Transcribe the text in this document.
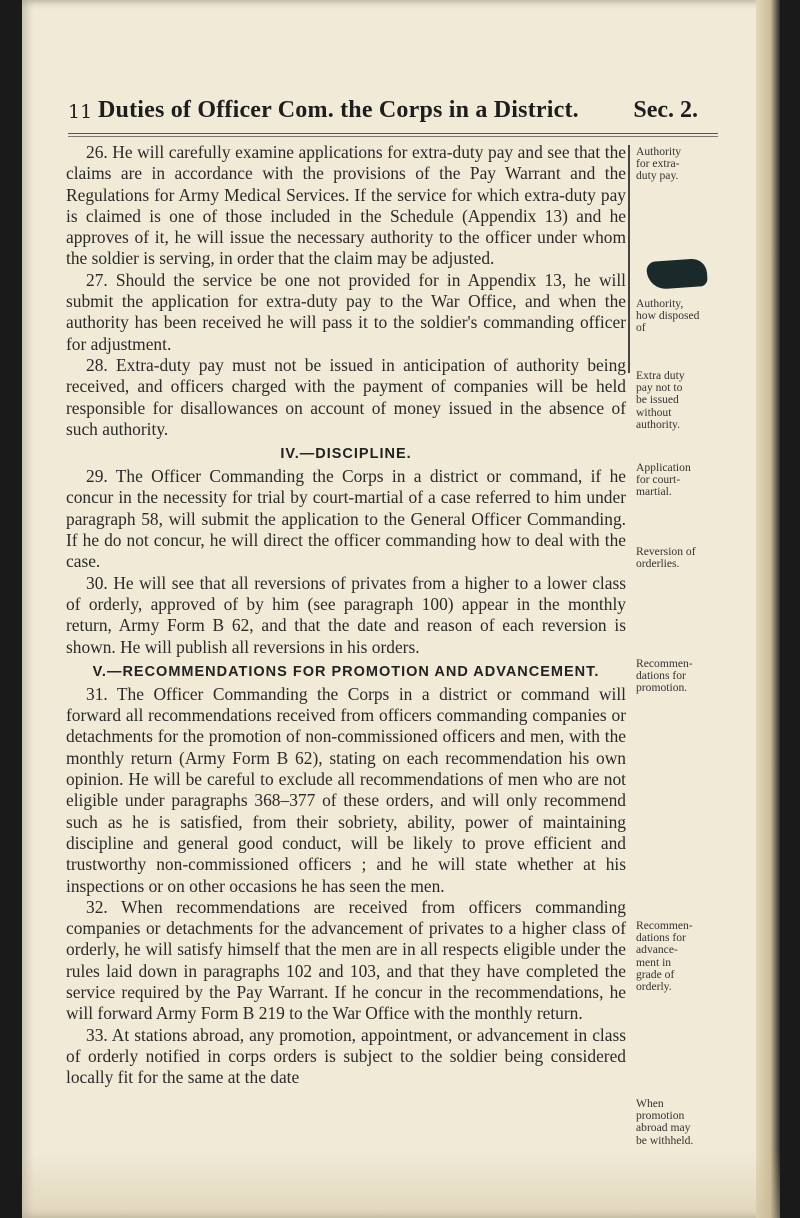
11 Duties of Officer Com. the Corps in a District. Sec. 2.

26. He will carefully examine applications for extra-duty pay and see that the claims are in accordance with the provisions of the Pay Warrant and the Regulations for Army Medical Services. If the service for which extra-duty pay is claimed is one of those included in the Schedule (Appendix 13) and he approves of it, he will issue the necessary authority to the officer under whom the soldier is serving, in order that the claim may be adjusted.

27. Should the service be one not provided for in Appendix 13, he will submit the application for extra-duty pay to the War Office, and when the authority has been received he will pass it to the soldier's commanding officer for adjustment.

28. Extra-duty pay must not be issued in anticipation of authority being received, and officers charged with the payment of companies will be held responsible for disallowances on account of money issued in the absence of such authority.

IV.—DISCIPLINE.

29. The Officer Commanding the Corps in a district or command, if he concur in the necessity for trial by court-martial of a case referred to him under paragraph 58, will submit the application to the General Officer Commanding. If he do not concur, he will direct the officer commanding how to deal with the case.

30. He will see that all reversions of privates from a higher to a lower class of orderly, approved of by him (see paragraph 100) appear in the monthly return, Army Form B 62, and that the date and reason of each reversion is shown. He will publish all reversions in his orders.

V.—RECOMMENDATIONS FOR PROMOTION AND ADVANCEMENT.

31. The Officer Commanding the Corps in a district or command will forward all recommendations received from officers commanding companies or detachments for the promotion of non-commissioned officers and men, with the monthly return (Army Form B 62), stating on each recommendation his own opinion. He will be careful to exclude all recommendations of men who are not eligible under paragraphs 368–377 of these orders, and will only recommend such as he is satisfied, from their sobriety, ability, power of maintaining discipline and general good conduct, will be likely to prove efficient and trustworthy non-commissioned officers ; and he will state whether at his inspections or on other occasions he has seen the men.

32. When recommendations are received from officers commanding companies or detachments for the advancement of privates to a higher class of orderly, he will satisfy himself that the men are in all respects eligible under the rules laid down in paragraphs 102 and 103, and that they have completed the service required by the Pay Warrant. If he concur in the recommendations, he will forward Army Form B 219 to the War Office with the monthly return.

33. At stations abroad, any promotion, appointment, or advancement in class of orderly notified in corps orders is subject to the soldier being considered locally fit for the same at the date

Authority
for extra-
duty pay.
Authority,
how disposed
of
Extra duty
pay not to
be issued
without
authority.
Application
for court-
martial.
Reversion of
orderlies.
Recommen-
dations for
promotion.
Recommen-
dations for
advance-
ment in
grade of
orderly.
When
promotion
abroad may
be withheld.
